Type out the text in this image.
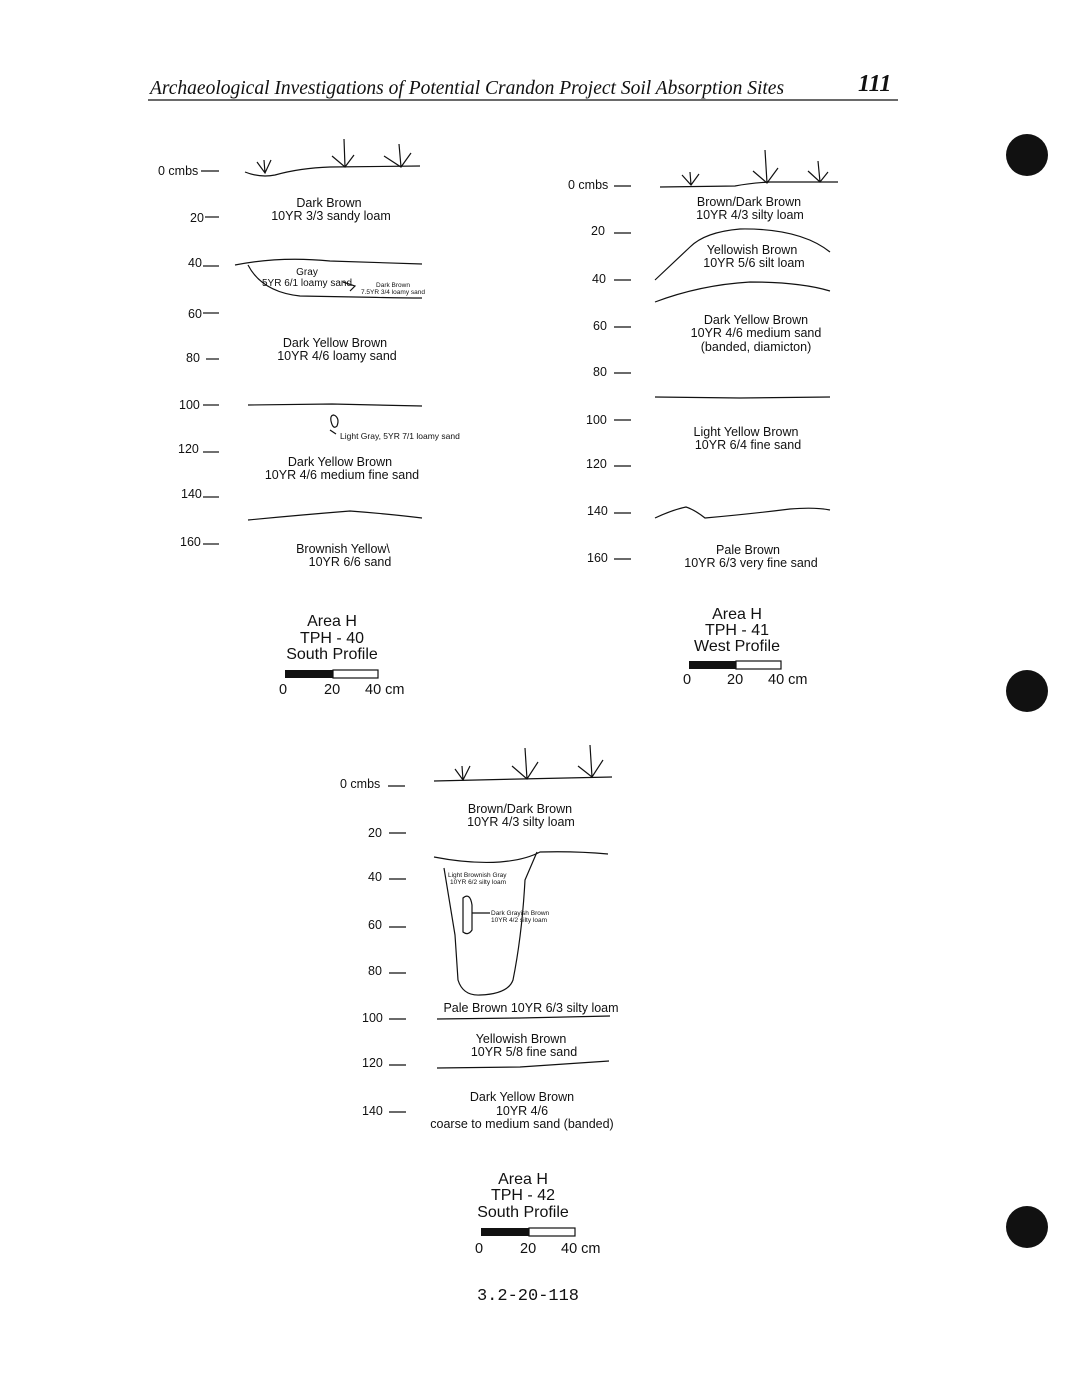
Archaeological Investigations of Potential Crandon Project Soil Absorption Sites	111
0 cmbs
20
40
60
80
100
120
140
160
Dark Brown
10YR 3/3 sandy loam
Gray
5YR 6/1 loamy sand	Dark Brown
7.5YR 3/4 loamy sand
Dark Yellow Brown
10YR 4/6 loamy sand
Light Gray, 5YR 7/1 loamy sand
Dark Yellow Brown
10YR 4/6 medium fine sand
Brownish Yellow\
10YR 6/6 sand
Area H
TPH - 40
South Profile
0	20 40 cm
0 cmbs
20
40
60
80
100
120
140
160
Brown/Dark Brown
10YR 4/3 silty loam
Yellowish Brown
10YR 5/6 silt loam
Dark Yellow Brown
10YR 4/6 medium sand
(banded, diamicton)
Light Yellow Brown
10YR 6/4 fine sand
Pale Brown
10YR 6/3 very fine sand
Area H
TPH - 41
West Profile
0 20 40 cm
0 cmbs
20
40
60
80
100
120
140
Brown/Dark Brown
10YR 4/3 silty loam
Light Brownish Gray
10YR 6/2 silty loam
Dark Grayish Brown
10YR 4/2 silty loam
Pale Brown 10YR 6/3 silty loam
Yellowish Brown
10YR 5/8 fine sand
Dark Yellow Brown
10YR 4/6
coarse to medium sand (banded)
Area H
TPH - 42
South Profile
0	20 40 cm
3.2-20-118
